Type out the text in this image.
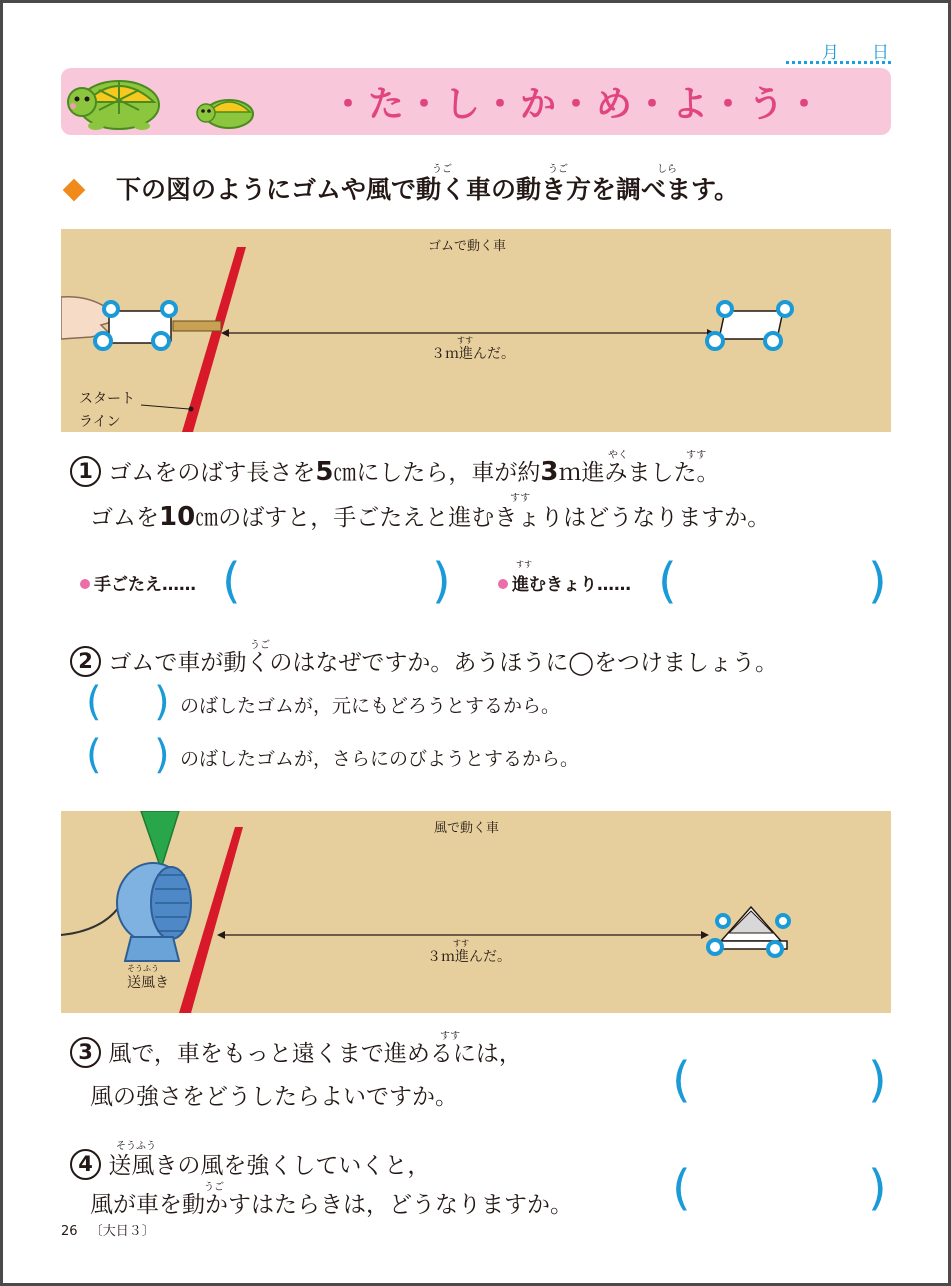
月 日
・た・し・か・め・よ・う・
下の図のようにゴムや風で動く車の動き方を調べます。
うご	うご	しら
ゴムで動く車
３ｍ進んだ。
すす
スタート
ライン
1 ゴムをのばす長さを5㎝にしたら，車が約3ｍ進みました。
やく	すす
ゴムを10㎝のばすと，手ごたえと進むきょりはどうなりますか。
すす
手ごたえ…… (	)	進むきょり……
すす	(	)
2 ゴムで車が動くのはなぜですか。あうほうに◯をつけましょう。
うご
( ) のばしたゴムが，元にもどろうとするから。
( ) のばしたゴムが，さらにのびようとするから。
風で動く車
３ｍ進んだ。
すす
送風き
そうふう
3 風で，車をもっと遠くまで進めるには，
すす
風の強さをどうしたらよいですか。	(	)
4 送風きの風を強くしていくと，
そうふう
風が車を動かすはたらきは，どうなりますか。
うご	(	)
26 〔大日３〕
